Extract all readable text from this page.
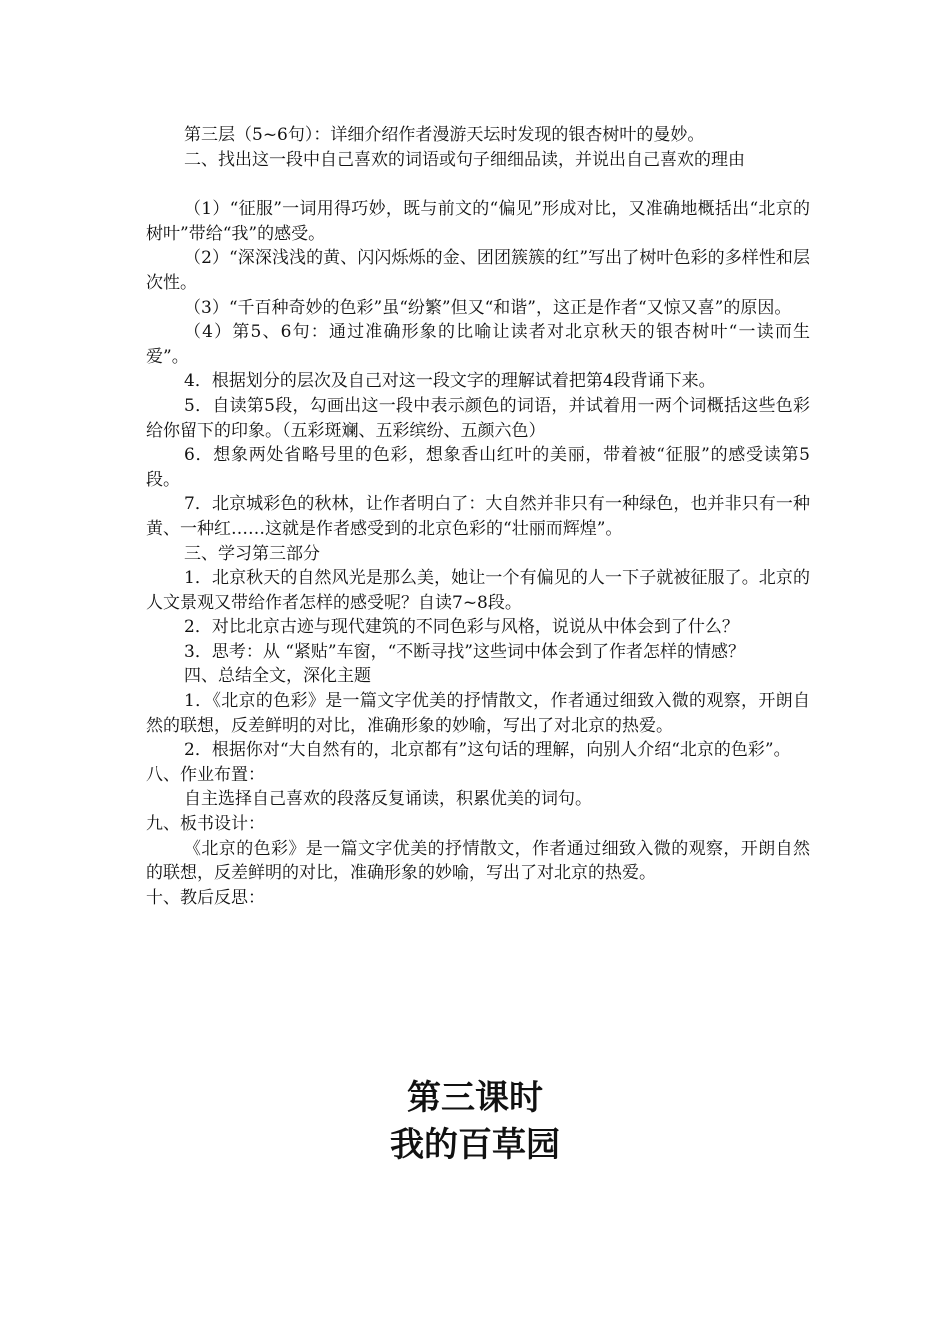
第三层（5~6句）：详细介绍作者漫游天坛时发现的银杏树叶的曼妙。

二、找出这一段中自己喜欢的词语或句子细细品读，并说出自己喜欢的理由

（1）“征服”一词用得巧妙，既与前文的“偏见”形成对比，又准确地概括出“北京的树叶”带给“我”的感受。

（2）“深深浅浅的黄、闪闪烁烁的金、团团簇簇的红”写出了树叶色彩的多样性和层次性。

（3）“千百种奇妙的色彩”虽“纷繁”但又“和谐”，这正是作者“又惊又喜”的原因。

（4）第5、6句：通过准确形象的比喻让读者对北京秋天的银杏树叶“一读而生爱”。

4．根据划分的层次及自己对这一段文字的理解试着把第4段背诵下来。

5．自读第5段，勾画出这一段中表示颜色的词语，并试着用一两个词概括这些色彩给你留下的印象。（五彩斑斓、五彩缤纷、五颜六色）

6．想象两处省略号里的色彩，想象香山红叶的美丽，带着被“征服”的感受读第5段。

7．北京城彩色的秋林，让作者明白了：大自然并非只有一种绿色，也并非只有一种黄、一种红……这就是作者感受到的北京色彩的“壮丽而辉煌”。

三、学习第三部分

1．北京秋天的自然风光是那么美，她让一个有偏见的人一下子就被征服了。北京的人文景观又带给作者怎样的感受呢？自读7~8段。

2．对比北京古迹与现代建筑的不同色彩与风格，说说从中体会到了什么？

3．思考：从 “紧贴”车窗，“不断寻找”这些词中体会到了作者怎样的情感？

四、总结全文，深化主题

1．《北京的色彩》是一篇文字优美的抒情散文，作者通过细致入微的观察，开朗自然的联想，反差鲜明的对比，准确形象的妙喻，写出了对北京的热爱。

2．根据你对“大自然有的，北京都有”这句话的理解，向别人介绍“北京的色彩”。

八、作业布置：

自主选择自己喜欢的段落反复诵读，积累优美的词句。

九、板书设计：

《北京的色彩》是一篇文字优美的抒情散文，作者通过细致入微的观察，开朗自然的联想，反差鲜明的对比，准确形象的妙喻，写出了对北京的热爱。

十、教后反思：

第三课时
我的百草园
